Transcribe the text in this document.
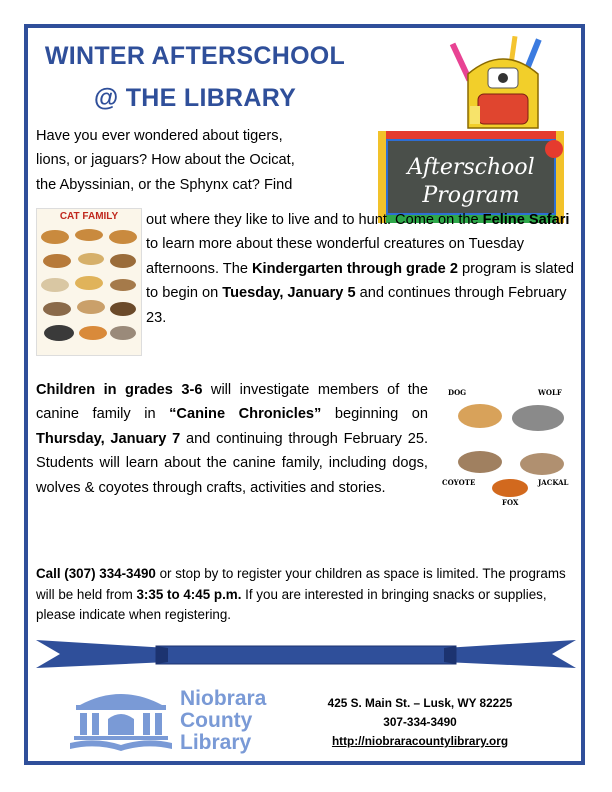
WINTER AFTERSCHOOL
@ THE LIBRARY
Afterschool
Program
CAT FAMILY
Have you ever wondered about tigers,
lions, or jaguars? How about the Ocicat,
the Abyssinian, or the Sphynx cat? Find
out where they like to live and to hunt. Come on the Feline Safari to learn more about these wonderful creatures on Tuesday afternoons. The Kindergarten through grade 2 program is slated to begin on Tuesday, January 5 and continues through February 23.
Children in grades 3-6 will investigate members of the canine family in “Canine Chronicles” beginning on Thursday, January 7 and continuing through February 25. Students will learn about the canine family, including dogs, wolves & coyotes through crafts, activities and stories.
DOG	WOLF
COYOTE	JACKAL
FOX
Call (307) 334-3490 or stop by to register your children as space is limited. The programs will be held from 3:35 to 4:45 p.m. If you are interested in bringing snacks or supplies, please indicate when registering.
Niobrara
County
Library
425 S. Main St. – Lusk, WY 82225
307-334-3490
http://niobraracountylibrary.org
